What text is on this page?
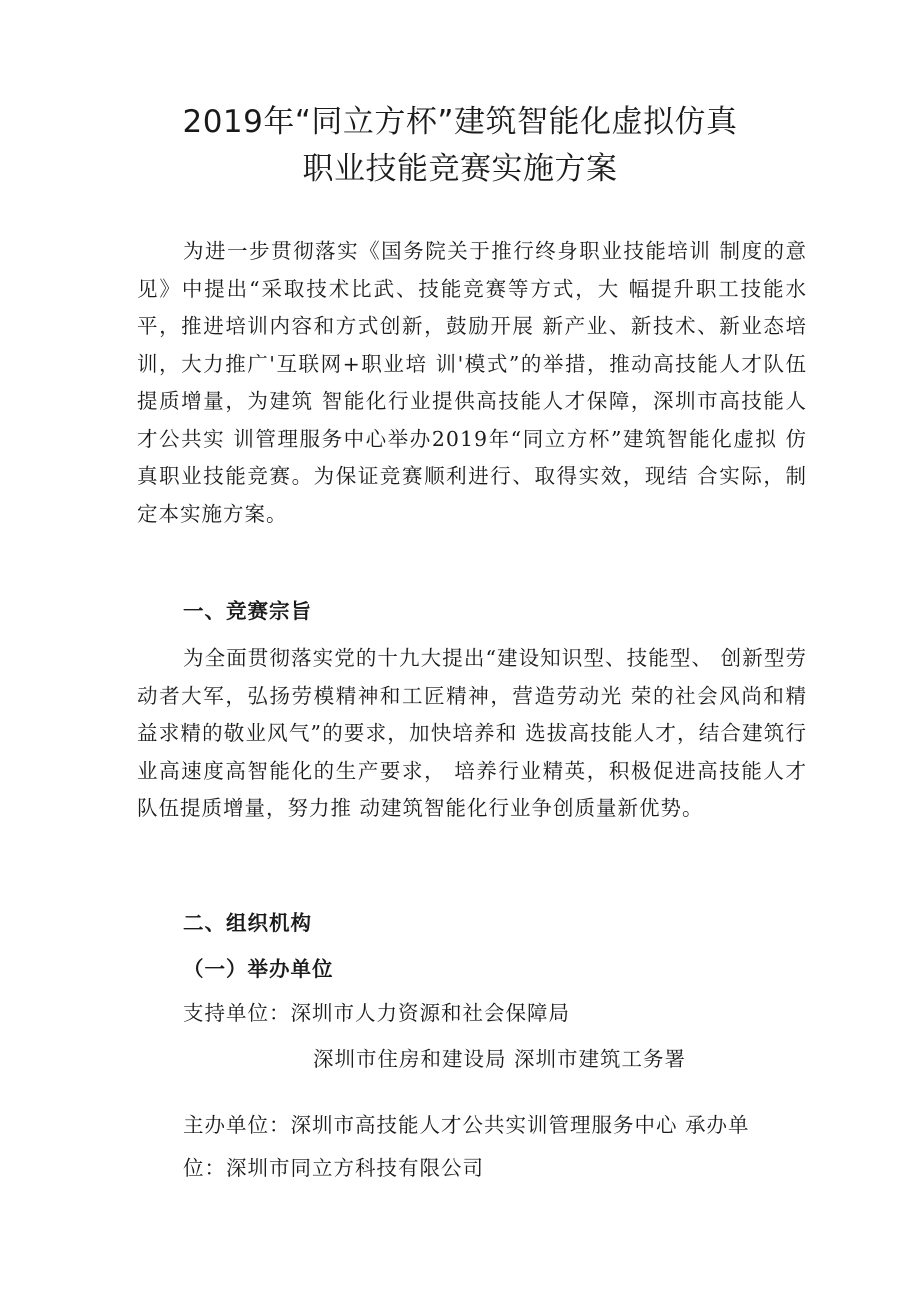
2019年“同立方杯”建筑智能化虚拟仿真
职业技能竞赛实施方案

为进一步贯彻落实《国务院关于推行终身职业技能培训 制度的意见》中提出“采取技术比武、技能竞赛等方式，大 幅提升职工技能水平，推进培训内容和方式创新，鼓励开展 新产业、新技术、新业态培训，大力推广'互联网+职业培 训'模式”的举措，推动高技能人才队伍提质增量，为建筑 智能化行业提供高技能人才保障，深圳市高技能人才公共实 训管理服务中心举办2019年“同立方杯”建筑智能化虚拟 仿真职业技能竞赛。为保证竞赛顺利进行、取得实效，现结 合实际，制定本实施方案。

一、竞赛宗旨

为全面贯彻落实党的十九大提出“建设知识型、技能型、 创新型劳动者大军，弘扬劳模精神和工匠精神，营造劳动光 荣的社会风尚和精益求精的敬业风气”的要求，加快培养和 选拔高技能人才，结合建筑行业高速度高智能化的生产要求， 培养行业精英，积极促进高技能人才队伍提质增量，努力推 动建筑智能化行业争创质量新优势。

二、组织机构
（一）举办单位

支持单位：深圳市人力资源和社会保障局

深圳市住房和建设局 深圳市建筑工务署

主办单位：深圳市高技能人才公共实训管理服务中心 承办单

位：深圳市同立方科技有限公司
